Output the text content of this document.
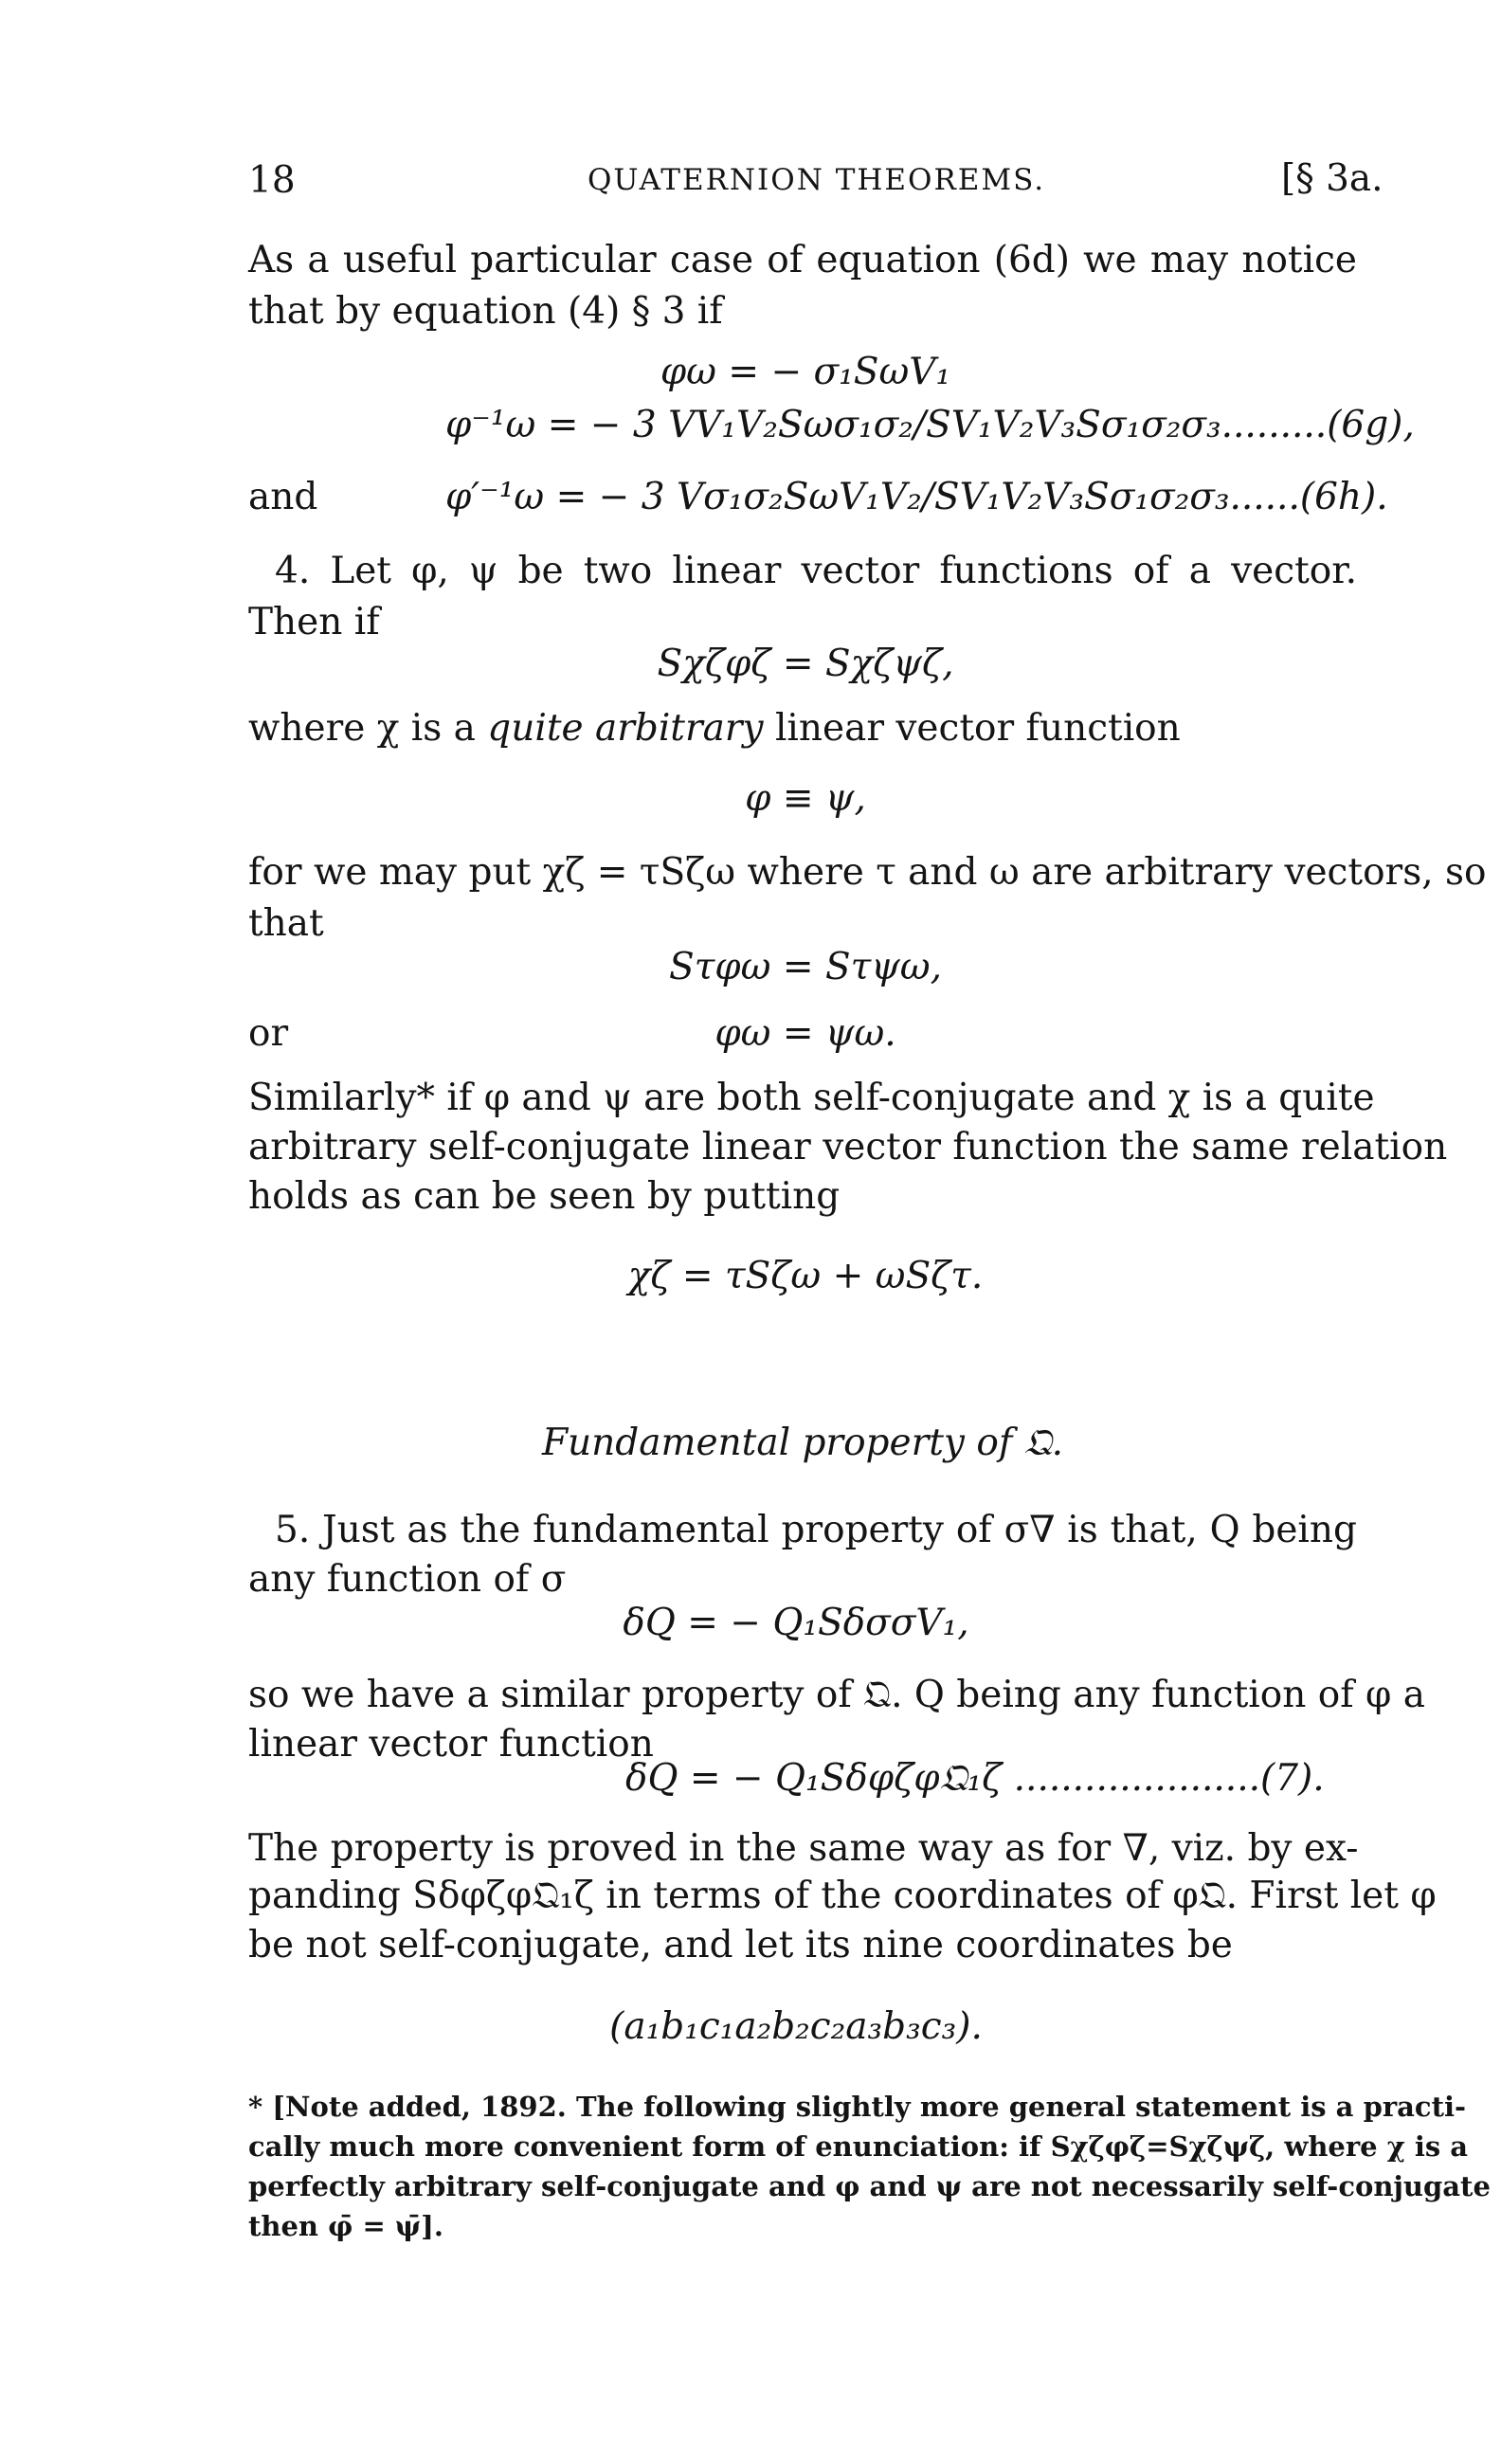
18	QUATERNION THEOREMS.	[§ 3a.
As a useful particular case of equation (6d) we may notice
that by equation (4) § 3 if
φω = − σ₁SωV₁
φ⁻¹ω = − 3 VV₁V₂Sωσ₁σ₂/SV₁V₂V₃Sσ₁σ₂σ₃.........(6g),
and	φ′⁻¹ω = − 3 Vσ₁σ₂SωV₁V₂/SV₁V₂V₃Sσ₁σ₂σ₃......(6h).
4. Let φ, ψ be two linear vector functions of a vector.
Then if
Sχζφζ = Sχζψζ,
where χ is a quite arbitrary linear vector function
φ ≡ ψ,
for we may put χζ = τSζω where τ and ω are arbitrary vectors, so
that
Sτφω = Sτψω,
or	φω = ψω.
Similarly* if φ and ψ are both self-conjugate and χ is a quite
arbitrary self-conjugate linear vector function the same relation
holds as can be seen by putting
χζ = τSζω + ωSζτ.
Fundamental property of 𝔔.
5. Just as the fundamental property of σ∇ is that, Q being
any function of σ
δQ = − Q₁SδσσV₁,
so we have a similar property of 𝔔. Q being any function of φ a
linear vector function
δQ = − Q₁Sδφζφ𝔔₁ζ .....................(7).
The property is proved in the same way as for ∇, viz. by ex-
panding Sδφζφ𝔔₁ζ in terms of the coordinates of φ𝔔. First let φ
be not self-conjugate, and let its nine coordinates be
(a₁b₁c₁a₂b₂c₂a₃b₃c₃).
* [Note added, 1892. The following slightly more general statement is a practi-
cally much more convenient form of enunciation: if Sχζφζ=Sχζψζ, where χ is a
perfectly arbitrary self-conjugate and φ and ψ are not necessarily self-conjugate
then φ̄ = ψ̄].
